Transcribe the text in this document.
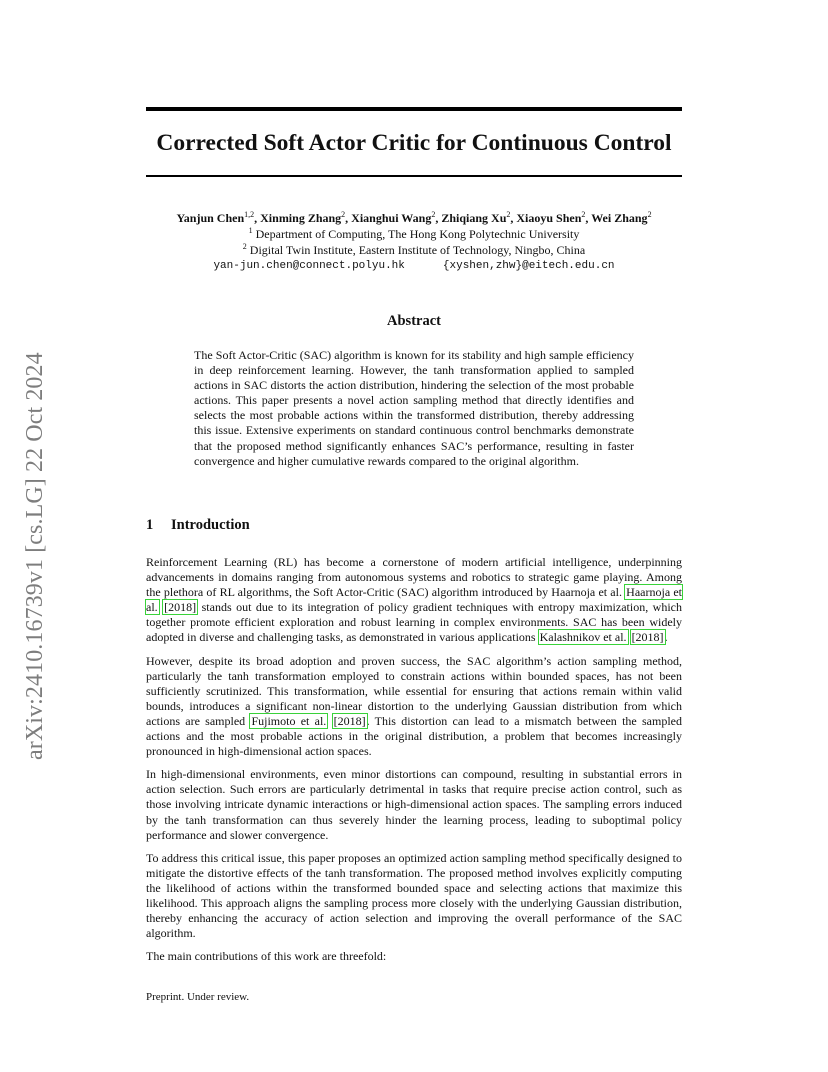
arXiv:2410.16739v1 [cs.LG] 22 Oct 2024
Corrected Soft Actor Critic for Continuous Control
Yanjun Chen$^{1,2}$, Xinming Zhang$^2$, Xianghui Wang$^2$, Zhiqiang Xu$^2$, Xiaoyu Shen$^2$, Wei Zhang$^2$
$^1$ Department of Computing, The Hong Kong Polytechnic University
$^2$ Digital Twin Institute, Eastern Institute of Technology, Ningbo, China
yan-jun.chen@connect.polyu.hk	{xyshen,zhw}@eitech.edu.cn
Abstract
The Soft Actor-Critic (SAC) algorithm is known for its stability and high sample efficiency in deep reinforcement learning. However, the tanh transformation applied to sampled actions in SAC distorts the action distribution, hindering the selection of the most probable actions. This paper presents a novel action sampling method that directly identifies and selects the most probable actions within the transformed distribution, thereby addressing this issue. Extensive experiments on standard continuous control benchmarks demonstrate that the proposed method significantly enhances SAC’s performance, resulting in faster convergence and higher cumulative rewards compared to the original algorithm.
1 Introduction

Reinforcement Learning (RL) has become a cornerstone of modern artificial intelligence, underpinning advancements in domains ranging from autonomous systems and robotics to strategic game playing. Among the plethora of RL algorithms, the Soft Actor-Critic (SAC) algorithm introduced by Haarnoja et al. Haarnoja et al. [2018] stands out due to its integration of policy gradient techniques with entropy maximization, which together promote efficient exploration and robust learning in complex environments. SAC has been widely adopted in diverse and challenging tasks, as demonstrated in various applications Kalashnikov et al. [2018].

However, despite its broad adoption and proven success, the SAC algorithm’s action sampling method, particularly the tanh transformation employed to constrain actions within bounded spaces, has not been sufficiently scrutinized. This transformation, while essential for ensuring that actions remain within valid bounds, introduces a significant non-linear distortion to the underlying Gaussian distribution from which actions are sampled Fujimoto et al. [2018]. This distortion can lead to a mismatch between the sampled actions and the most probable actions in the original distribution, a problem that becomes increasingly pronounced in high-dimensional action spaces.

In high-dimensional environments, even minor distortions can compound, resulting in substantial errors in action selection. Such errors are particularly detrimental in tasks that require precise action control, such as those involving intricate dynamic interactions or high-dimensional action spaces. The sampling errors induced by the tanh transformation can thus severely hinder the learning process, leading to suboptimal policy performance and slower convergence.

To address this critical issue, this paper proposes an optimized action sampling method specifically designed to mitigate the distortive effects of the tanh transformation. The proposed method involves explicitly computing the likelihood of actions within the transformed bounded space and selecting actions that maximize this likelihood. This approach aligns the sampling process more closely with the underlying Gaussian distribution, thereby enhancing the accuracy of action selection and improving the overall performance of the SAC algorithm.

The main contributions of this work are threefold:

Preprint. Under review.
